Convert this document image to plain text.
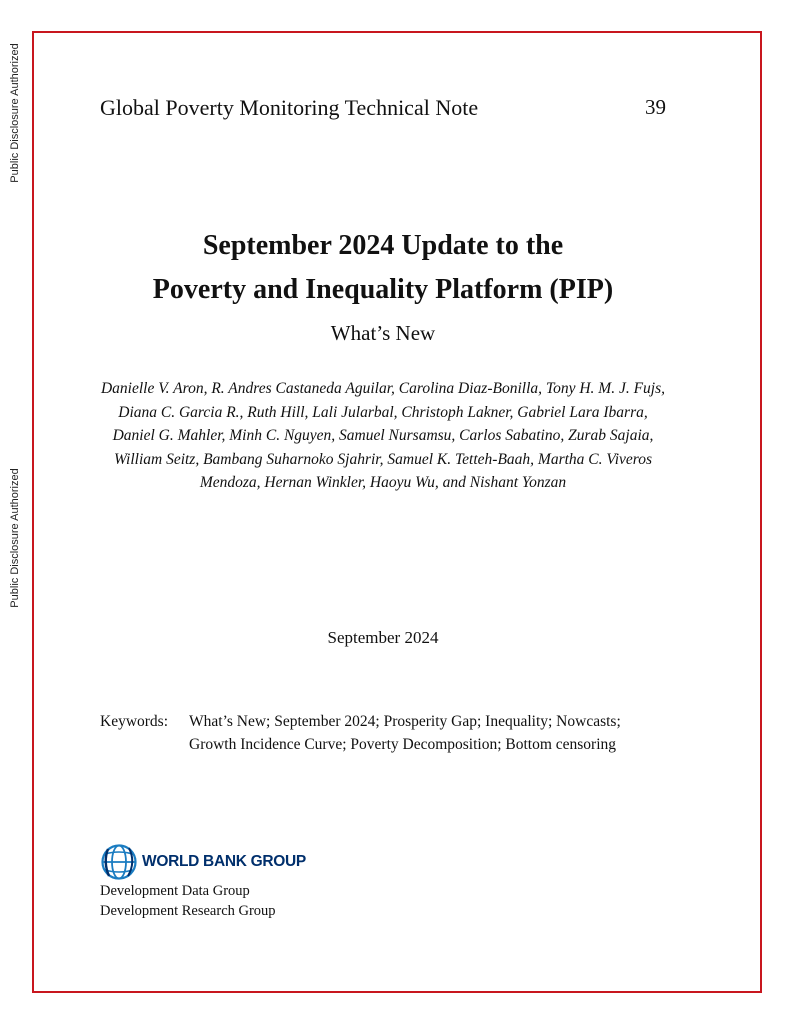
Public Disclosure Authorized
Public Disclosure Authorized
Global Poverty Monitoring Technical Note	39
September 2024 Update to the
Poverty and Inequality Platform (PIP)
What’s New
Danielle V. Aron, R. Andres Castaneda Aguilar, Carolina Diaz-Bonilla, Tony H. M. J. Fujs, Diana C. Garcia R., Ruth Hill, Lali Jularbal, Christoph Lakner, Gabriel Lara Ibarra, Daniel G. Mahler, Minh C. Nguyen, Samuel Nursamsu, Carlos Sabatino, Zurab Sajaia, William Seitz, Bambang Suharnoko Sjahrir, Samuel K. Tetteh-Baah, Martha C. Viveros Mendoza, Hernan Winkler, Haoyu Wu, and Nishant Yonzan
September 2024
Keywords: What’s New; September 2024; Prosperity Gap; Inequality; Nowcasts; Growth Incidence Curve; Poverty Decomposition; Bottom censoring
WORLD BANK GROUP
Development Data Group
Development Research Group
